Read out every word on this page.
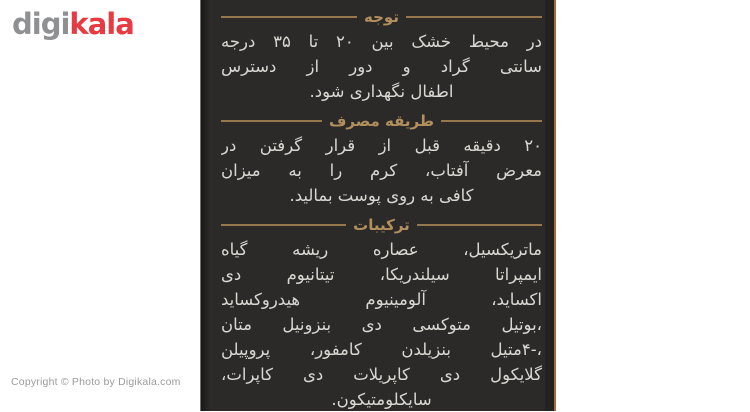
digikala	توجه
در محیط خشک بین ۲۰ تا ۳۵ درجه
سانتی گراد و دور از دسترس
اطفال نگهداری شود.
طریقه مصرف
۲۰ دقیقه قبل از قرار گرفتن در
معرض آفتاب، کرم را به میزان
کافی به روی پوست بمالید.
ترکیبات
ماتریکسیل، عصاره ریشه گیاه
ایمپراتا سیلندریکا، تیتانیوم دی
اکساید، آلومینیوم هیدروکساید
،بوتیل متوکسی دی بنزونیل متان
،-۴متیل بنزیلدن کامفور، پروپیلن
گلایکول دی کاپریلات دی کاپرات،
سایکلومتیکون.
Copyright © Photo by Digikala.com
